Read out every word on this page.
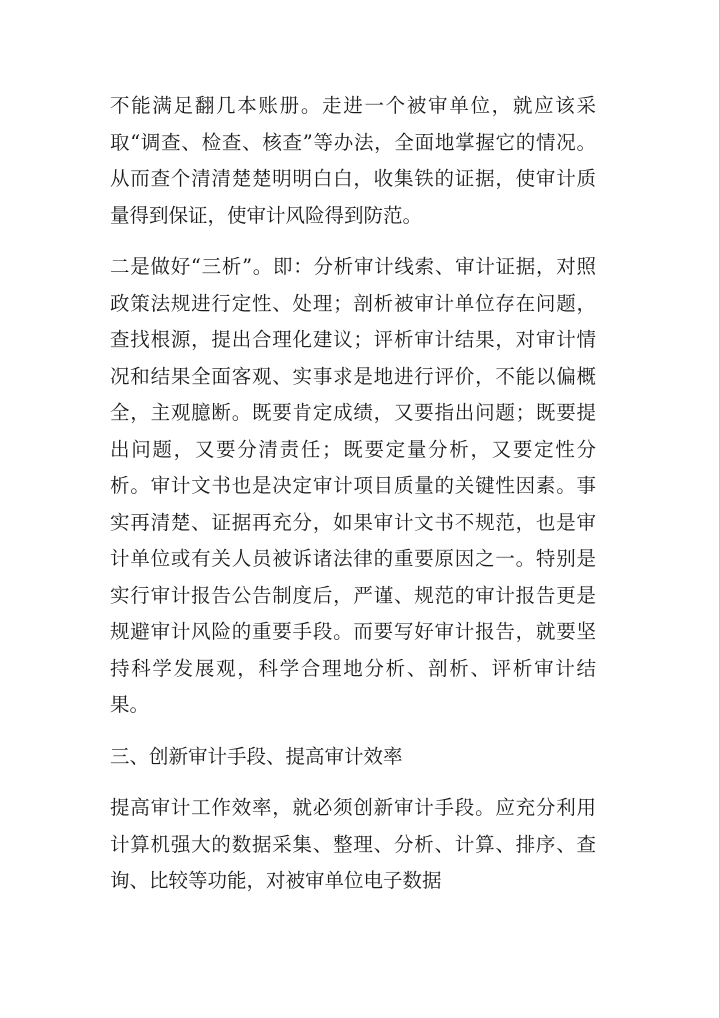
不能满足翻几本账册。走进一个被审单位，就应该采取“调查、检查、核查”等办法，全面地掌握它的情况。从而查个清清楚楚明明白白，收集铁的证据，使审计质量得到保证，使审计风险得到防范。

二是做好“三析”。即：分析审计线索、审计证据，对照政策法规进行定性、处理；剖析被审计单位存在问题，查找根源，提出合理化建议；评析审计结果，对审计情况和结果全面客观、实事求是地进行评价，不能以偏概全，主观臆断。既要肯定成绩，又要指出问题；既要提出问题，又要分清责任；既要定量分析，又要定性分析。审计文书也是决定审计项目质量的关键性因素。事实再清楚、证据再充分，如果审计文书不规范，也是审计单位或有关人员被诉诸法律的重要原因之一。特别是实行审计报告公告制度后，严谨、规范的审计报告更是规避审计风险的重要手段。而要写好审计报告，就要坚持科学发展观，科学合理地分析、剖析、评析审计结果。

三、创新审计手段、提高审计效率

提高审计工作效率，就必须创新审计手段。应充分利用计算机强大的数据采集、整理、分析、计算、排序、查询、比较等功能，对被审单位电子数据
